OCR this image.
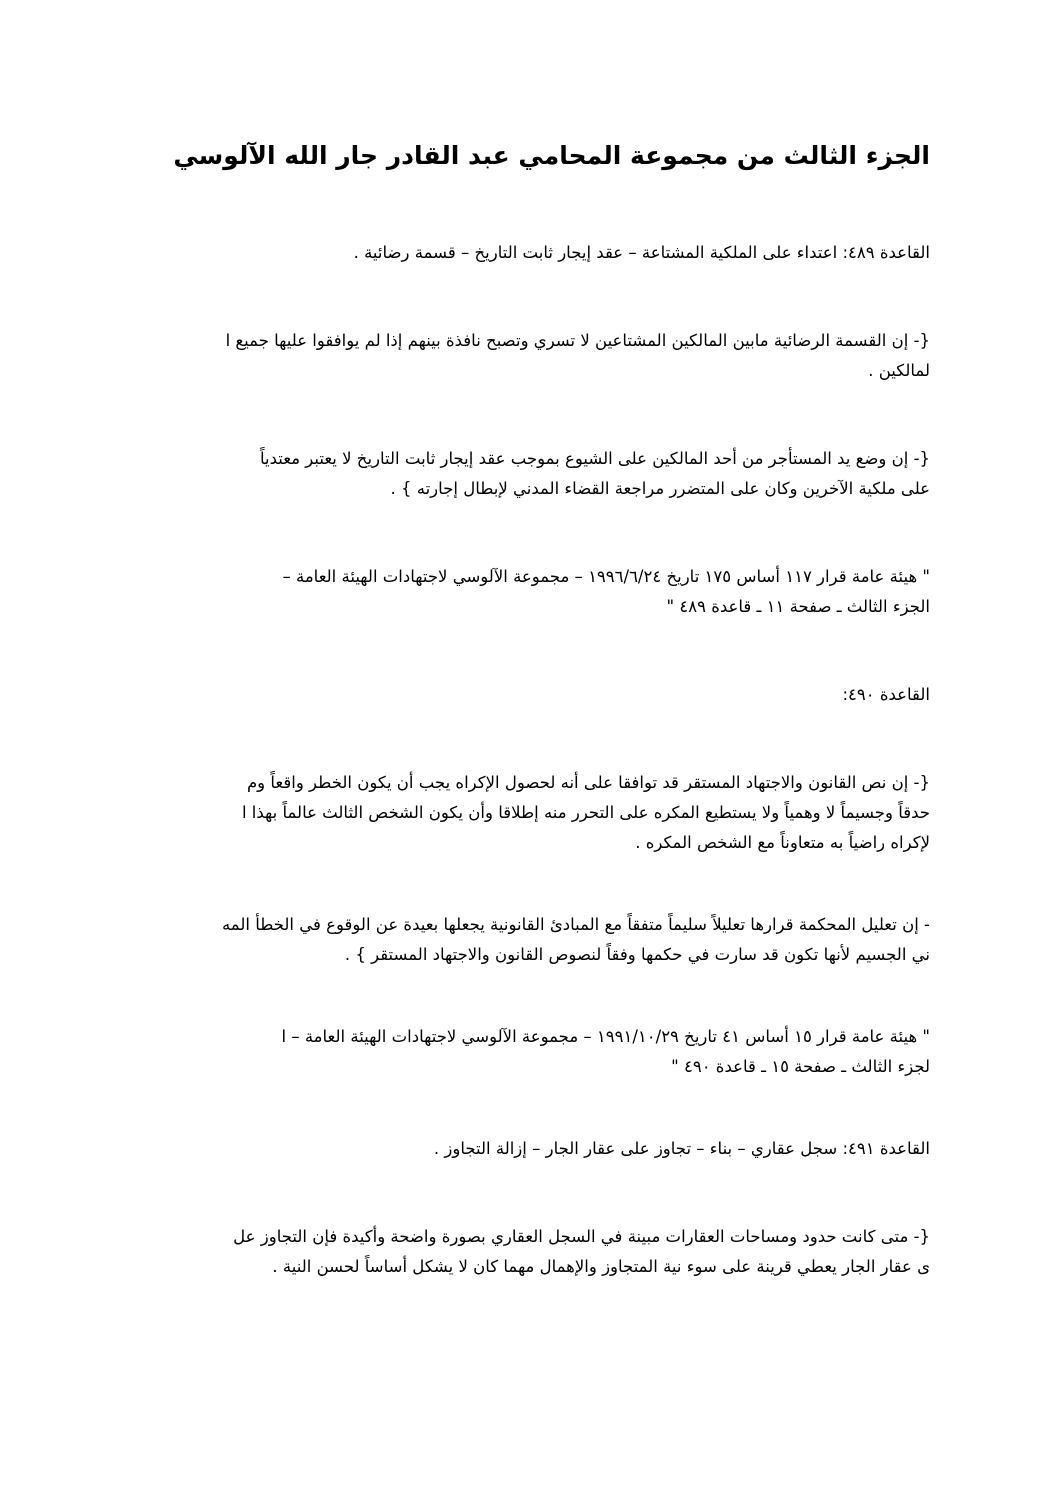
الجزء الثالث من مجموعة المحامي عبد القادر جار الله الآلوسي

القاعدة ٤٨٩: اعتداء على الملكية المشتاعة – عقد إيجار ثابت التاريخ – قسمة رضائية .

{- إن القسمة الرضائية مابين المالكين المشتاعين لا تسري وتصبح نافذة بينهم إذا لم يوافقوا عليها جميع ا
لمالكين .

{- إن وضع يد المستأجر من أحد المالكين على الشيوع بموجب عقد إيجار ثابت التاريخ لا يعتبر معتدياً
على ملكية الآخرين وكان على المتضرر مراجعة القضاء المدني لإبطال إجارته } .

" هيئة عامة قرار ١١٧ أساس ١٧٥ تاريخ ١٩٩٦/٦/٢٤ – مجموعة الآلوسي لاجتهادات الهيئة العامة –
الجزء الثالث ـ صفحة ١١ ـ قاعدة ٤٨٩ "

القاعدة ٤٩٠:

{- إن نص القانون والاجتهاد المستقر قد توافقا على أنه لحصول الإكراه يجب أن يكون الخطر واقعاً وم
حدقاً وجسيماً لا وهمياً ولا يستطيع المكره على التحرر منه إطلاقا وأن يكون الشخص الثالث عالماً بهذا ا
لإكراه راضياً به متعاوناً مع الشخص المكره .

- إن تعليل المحكمة قرارها تعليلاً سليماً متفقاً مع المبادئ القانونية يجعلها بعيدة عن الوقوع في الخطأ المه
ني الجسيم لأنها تكون قد سارت في حكمها وفقاً لنصوص القانون والاجتهاد المستقر } .

" هيئة عامة قرار ١٥ أساس ٤١ تاريخ ١٩٩١/١٠/٢٩ – مجموعة الآلوسي لاجتهادات الهيئة العامة – ا
لجزء الثالث ـ صفحة ١٥ ـ قاعدة ٤٩٠ "

القاعدة ٤٩١: سجل عقاري – بناء – تجاوز على عقار الجار – إزالة التجاوز .

{- متى كانت حدود ومساحات العقارات مبينة في السجل العقاري بصورة واضحة وأكيدة فإن التجاوز عل
ى عقار الجار يعطي قرينة على سوء نية المتجاوز والإهمال مهما كان لا يشكل أساساً لحسن النية .
